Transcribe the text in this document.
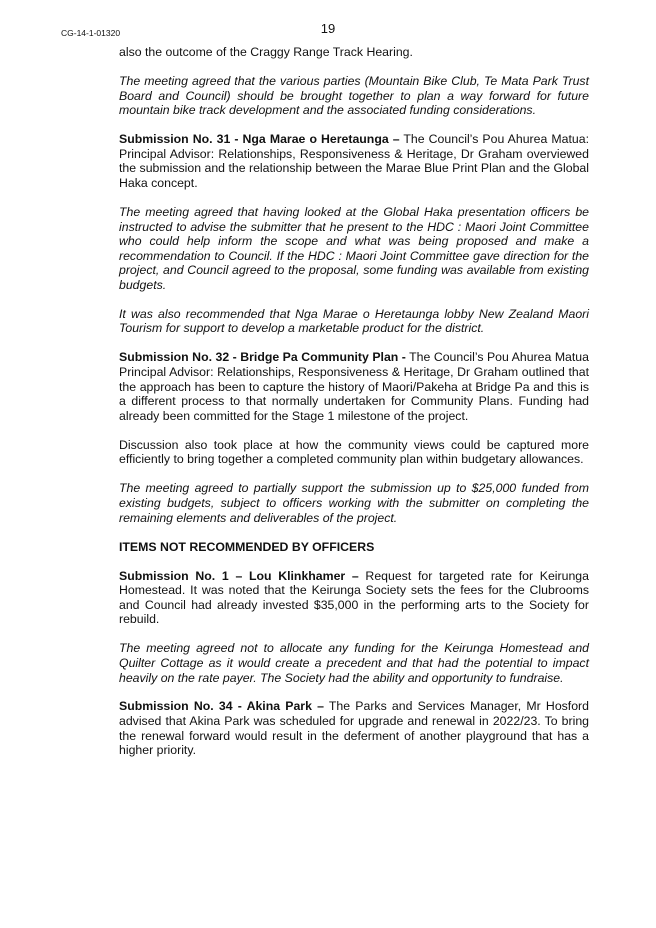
CG-14-1-01320	19

also the outcome of the Craggy Range Track Hearing.

The meeting agreed that the various parties (Mountain Bike Club, Te Mata Park Trust Board and Council) should be brought together to plan a way forward for future mountain bike track development and the associated funding considerations.

Submission No. 31 - Nga Marae o Heretaunga – The Council’s Pou Ahurea Matua: Principal Advisor: Relationships, Responsiveness & Heritage, Dr Graham overviewed the submission and the relationship between the Marae Blue Print Plan and the Global Haka concept.

The meeting agreed that having looked at the Global Haka presentation officers be instructed to advise the submitter that he present to the HDC : Maori Joint Committee who could help inform the scope and what was being proposed and make a recommendation to Council. If the HDC : Maori Joint Committee gave direction for the project, and Council agreed to the proposal, some funding was available from existing budgets.

It was also recommended that Nga Marae o Heretaunga lobby New Zealand Maori Tourism for support to develop a marketable product for the district.

Submission No. 32 - Bridge Pa Community Plan - The Council’s Pou Ahurea Matua Principal Advisor: Relationships, Responsiveness & Heritage, Dr Graham outlined that the approach has been to capture the history of Maori/Pakeha at Bridge Pa and this is a different process to that normally undertaken for Community Plans. Funding had already been committed for the Stage 1 milestone of the project.

Discussion also took place at how the community views could be captured more efficiently to bring together a completed community plan within budgetary allowances.

The meeting agreed to partially support the submission up to $25,000 funded from existing budgets, subject to officers working with the submitter on completing the remaining elements and deliverables of the project.

ITEMS NOT RECOMMENDED BY OFFICERS

Submission No. 1 – Lou Klinkhamer – Request for targeted rate for Keirunga Homestead. It was noted that the Keirunga Society sets the fees for the Clubrooms and Council had already invested $35,000 in the performing arts to the Society for rebuild.

The meeting agreed not to allocate any funding for the Keirunga Homestead and Quilter Cottage as it would create a precedent and that had the potential to impact heavily on the rate payer. The Society had the ability and opportunity to fundraise.

Submission No. 34 - Akina Park – The Parks and Services Manager, Mr Hosford advised that Akina Park was scheduled for upgrade and renewal in 2022/23. To bring the renewal forward would result in the deferment of another playground that has a higher priority.
